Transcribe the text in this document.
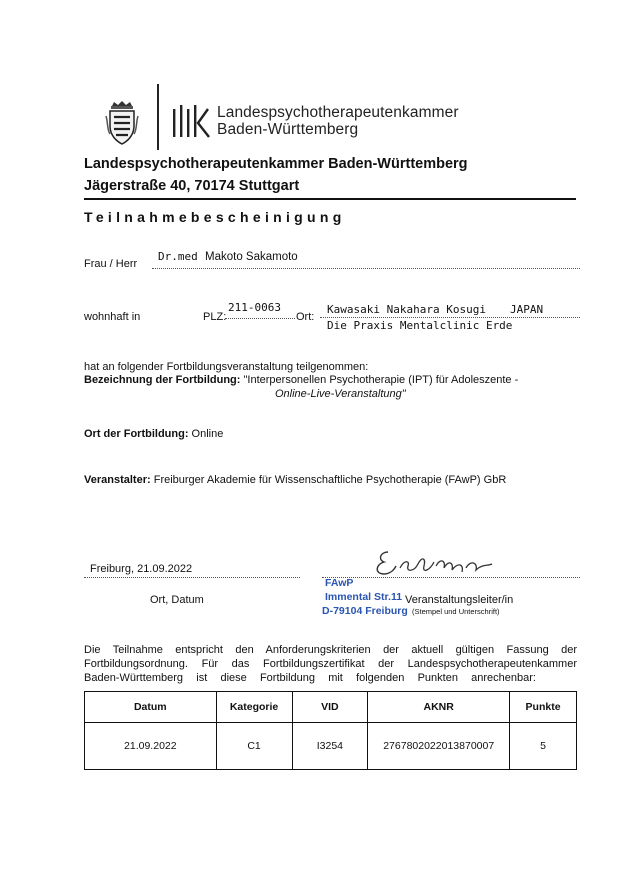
Landespsychotherapeutenkammer
Baden-Württemberg
Landespsychotherapeutenkammer Baden-Württemberg
Jägerstraße 40, 70174 Stuttgart
Teilnahmebescheinigung
Frau / Herr
Dr.med Makoto Sakamoto
wohnhaft in	PLZ:
211-0063
Ort:
Kawasaki Nakahara Kosugi JAPAN
Die Praxis Mentalclinic Erde
hat an folgender Fortbildungsveranstaltung teilgenommen:
Bezeichnung der Fortbildung: "Interpersonellen Psychotherapie (IPT) für Adoleszente -
Online-Live-Veranstaltung"
Ort der Fortbildung: Online
Veranstalter: Freiburger Akademie für Wissenschaftliche Psychotherapie (FAwP) GbR
Freiburg, 21.09.2022
Ort, Datum
FAwP
Immental Str.11
D-79104 Freiburg
Veranstaltungsleiter/in
(Stempel und Unterschrift)
Die Teilnahme entspricht den Anforderungskriterien der aktuell gültigen Fassung der
Fortbildungsordnung. Für das Fortbildungszertifikat der Landespsychotherapeutenkammer
Baden-Württemberg ist diese Fortbildung mit folgenden Punkten anrechenbar:
Datum	Kategorie	VID	AKNR	Punkte
21.09.2022	C1	I3254	2767802022013870007	5
